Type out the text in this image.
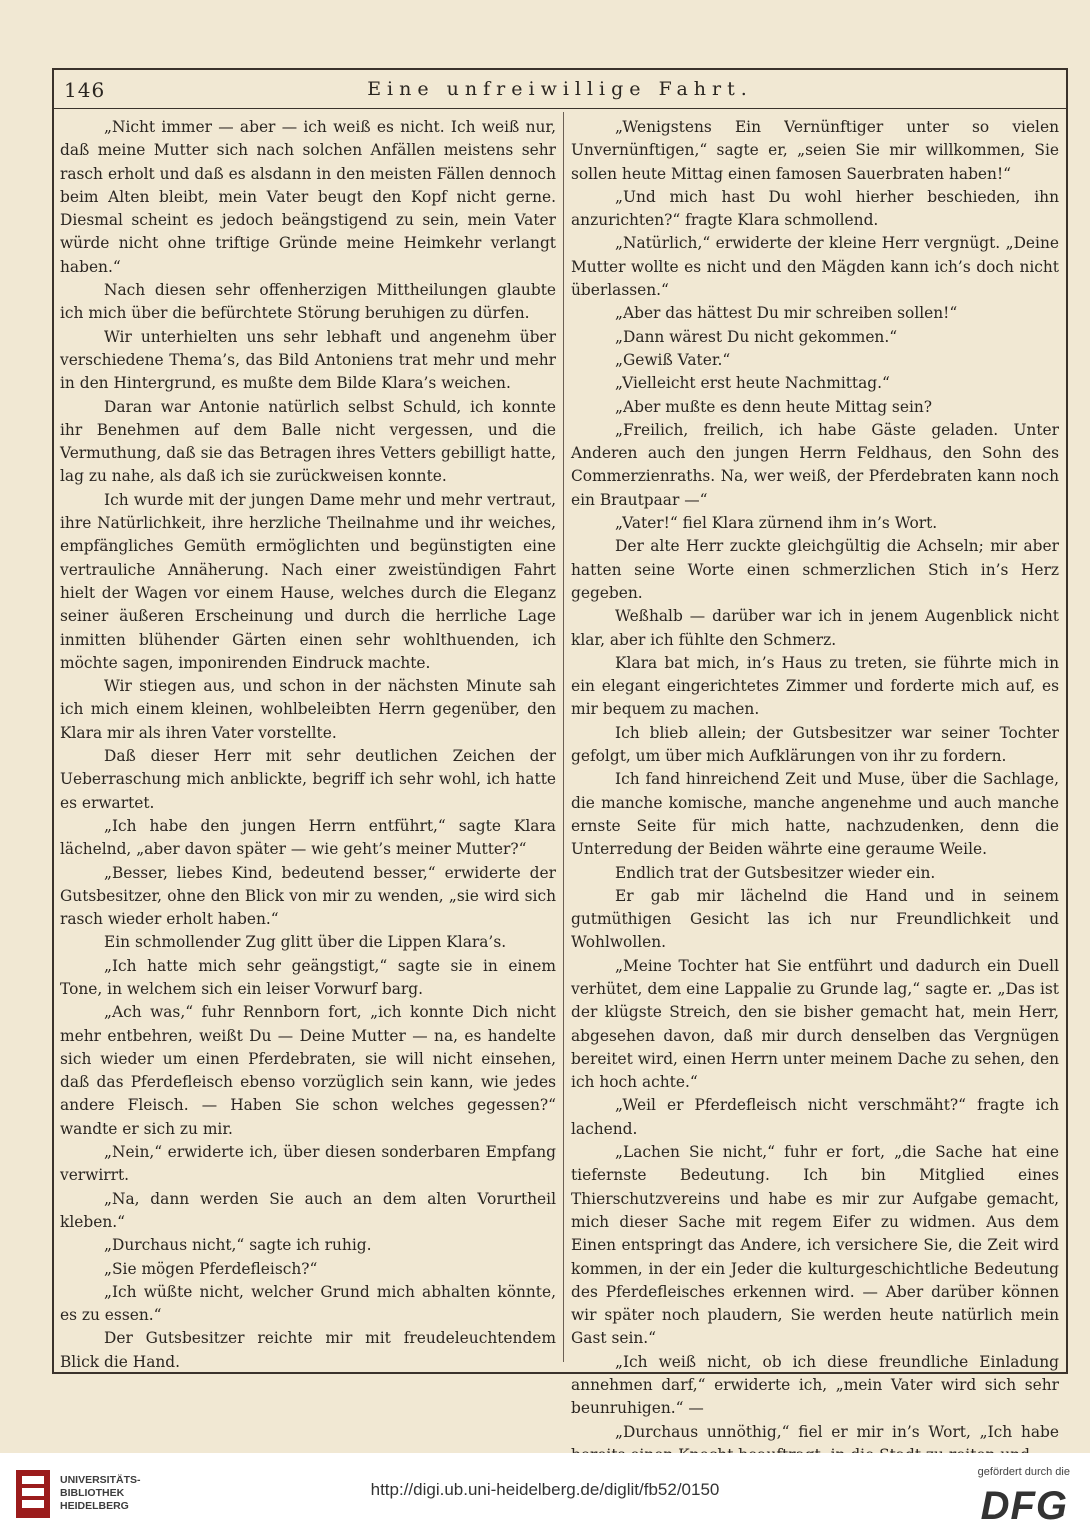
146	Eine unfreiwillige Fahrt.

„Nicht immer — aber — ich weiß es nicht. Ich weiß nur, daß meine Mutter sich nach solchen Anfällen meistens sehr rasch erholt und daß es alsdann in den meisten Fällen dennoch beim Alten bleibt, mein Vater beugt den Kopf nicht gerne. Diesmal scheint es jedoch beängstigend zu sein, mein Vater würde nicht ohne triftige Gründe meine Heimkehr verlangt haben.“

Nach diesen sehr offenherzigen Mittheilungen glaubte ich mich über die befürchtete Störung beruhigen zu dürfen.

Wir unterhielten uns sehr lebhaft und angenehm über verschiedene Thema’s, das Bild Antoniens trat mehr und mehr in den Hintergrund, es mußte dem Bilde Klara’s weichen.

Daran war Antonie natürlich selbst Schuld, ich konnte ihr Benehmen auf dem Balle nicht vergessen, und die Vermuthung, daß sie das Betragen ihres Vetters gebilligt hatte, lag zu nahe, als daß ich sie zurückweisen konnte.

Ich wurde mit der jungen Dame mehr und mehr vertraut, ihre Natürlichkeit, ihre herzliche Theilnahme und ihr weiches, empfängliches Gemüth ermöglichten und begünstigten eine vertrauliche Annäherung. Nach einer zweistündigen Fahrt hielt der Wagen vor einem Hause, welches durch die Eleganz seiner äußeren Erscheinung und durch die herrliche Lage inmitten blühender Gärten einen sehr wohlthuenden, ich möchte sagen, imponirenden Eindruck machte.

Wir stiegen aus, und schon in der nächsten Minute sah ich mich einem kleinen, wohlbeleibten Herrn gegenüber, den Klara mir als ihren Vater vorstellte.

Daß dieser Herr mit sehr deutlichen Zeichen der Ueberraschung mich anblickte, begriff ich sehr wohl, ich hatte es erwartet.

„Ich habe den jungen Herrn entführt,“ sagte Klara lächelnd, „aber davon später — wie geht’s meiner Mutter?“

„Besser, liebes Kind, bedeutend besser,“ erwiderte der Gutsbesitzer, ohne den Blick von mir zu wenden, „sie wird sich rasch wieder erholt haben.“

Ein schmollender Zug glitt über die Lippen Klara’s.

„Ich hatte mich sehr geängstigt,“ sagte sie in einem Tone, in welchem sich ein leiser Vorwurf barg.

„Ach was,“ fuhr Rennborn fort, „ich konnte Dich nicht mehr entbehren, weißt Du — Deine Mutter — na, es handelte sich wieder um einen Pferdebraten, sie will nicht einsehen, daß das Pferdefleisch ebenso vorzüglich sein kann, wie jedes andere Fleisch. — Haben Sie schon welches gegessen?“ wandte er sich zu mir.

„Nein,“ erwiderte ich, über diesen sonderbaren Empfang verwirrt.

„Na, dann werden Sie auch an dem alten Vorurtheil kleben.“

„Durchaus nicht,“ sagte ich ruhig.

„Sie mögen Pferdefleisch?“

„Ich wüßte nicht, welcher Grund mich abhalten könnte, es zu essen.“

Der Gutsbesitzer reichte mir mit freudeleuchtendem Blick die Hand.

„Wenigstens Ein Vernünftiger unter so vielen Unvernünftigen,“ sagte er, „seien Sie mir willkommen, Sie sollen heute Mittag einen famosen Sauerbraten haben!“

„Und mich hast Du wohl hierher beschieden, ihn anzurichten?“ fragte Klara schmollend.

„Natürlich,“ erwiderte der kleine Herr vergnügt. „Deine Mutter wollte es nicht und den Mägden kann ich’s doch nicht überlassen.“

„Aber das hättest Du mir schreiben sollen!“

„Dann wärest Du nicht gekommen.“

„Gewiß Vater.“

„Vielleicht erst heute Nachmittag.“

„Aber mußte es denn heute Mittag sein?

„Freilich, freilich, ich habe Gäste geladen. Unter Anderen auch den jungen Herrn Feldhaus, den Sohn des Commerzienraths. Na, wer weiß, der Pferdebraten kann noch ein Brautpaar —“

„Vater!“ fiel Klara zürnend ihm in’s Wort.

Der alte Herr zuckte gleichgültig die Achseln; mir aber hatten seine Worte einen schmerzlichen Stich in’s Herz gegeben.

Weßhalb — darüber war ich in jenem Augenblick nicht klar, aber ich fühlte den Schmerz.

Klara bat mich, in’s Haus zu treten, sie führte mich in ein elegant eingerichtetes Zimmer und forderte mich auf, es mir bequem zu machen.

Ich blieb allein; der Gutsbesitzer war seiner Tochter gefolgt, um über mich Aufklärungen von ihr zu fordern.

Ich fand hinreichend Zeit und Muse, über die Sachlage, die manche komische, manche angenehme und auch manche ernste Seite für mich hatte, nachzudenken, denn die Unterredung der Beiden währte eine geraume Weile.

Endlich trat der Gutsbesitzer wieder ein.

Er gab mir lächelnd die Hand und in seinem gutmüthigen Gesicht las ich nur Freundlichkeit und Wohlwollen.

„Meine Tochter hat Sie entführt und dadurch ein Duell verhütet, dem eine Lappalie zu Grunde lag,“ sagte er. „Das ist der klügste Streich, den sie bisher gemacht hat, mein Herr, abgesehen davon, daß mir durch denselben das Vergnügen bereitet wird, einen Herrn unter meinem Dache zu sehen, den ich hoch achte.“

„Weil er Pferdefleisch nicht verschmäht?“ fragte ich lachend.

„Lachen Sie nicht,“ fuhr er fort, „die Sache hat eine tiefernste Bedeutung. Ich bin Mitglied eines Thierschutzvereins und habe es mir zur Aufgabe gemacht, mich dieser Sache mit regem Eifer zu widmen. Aus dem Einen entspringt das Andere, ich versichere Sie, die Zeit wird kommen, in der ein Jeder die kulturgeschichtliche Bedeutung des Pferdefleisches erkennen wird. — Aber darüber können wir später noch plaudern, Sie werden heute natürlich mein Gast sein.“

„Ich weiß nicht, ob ich diese freundliche Einladung annehmen darf,“ erwiderte ich, „mein Vater wird sich sehr beunruhigen.“ —

„Durchaus unnöthig,“ fiel er mir in’s Wort, „Ich habe

UNIVERSITÄTS-
BIBLIOTHEK
HEIDELBERG
http://digi.ub.uni-heidelberg.de/diglit/fb52/0150
gefördert durch die
DFG
